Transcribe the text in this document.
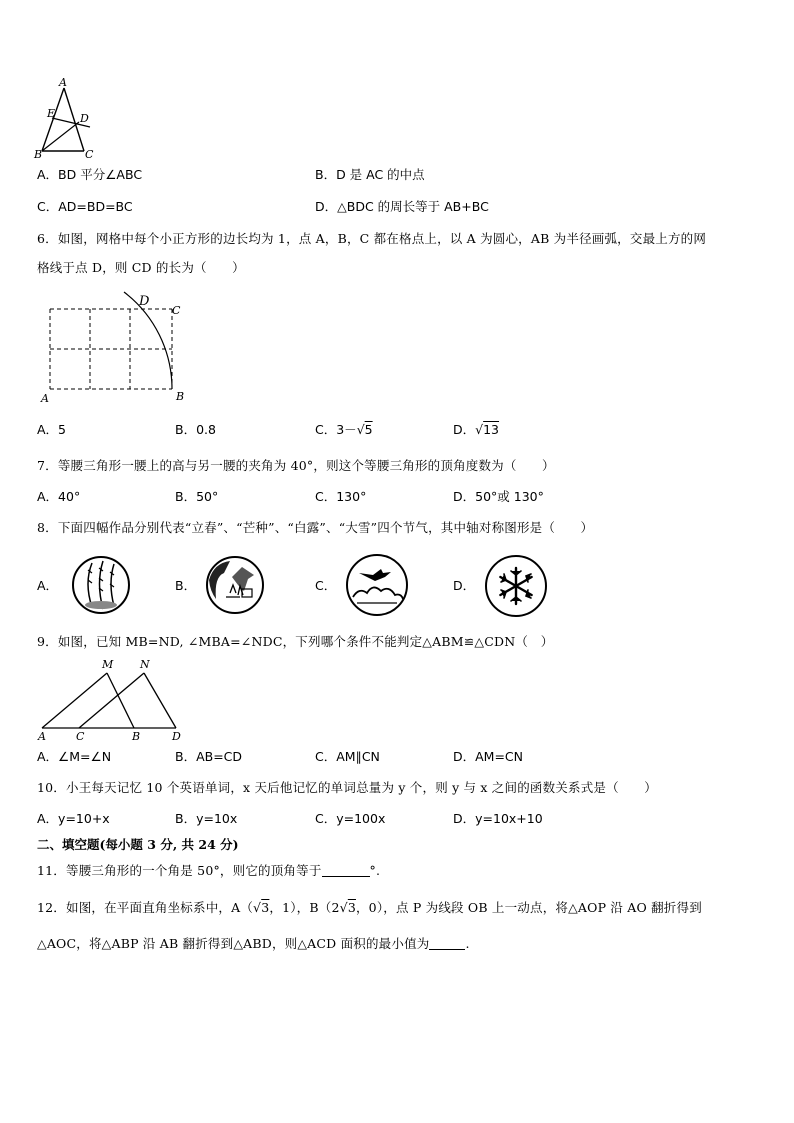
A
E D
B	C
A．BD 平分∠ABC	B．D 是 AC 的中点
C．AD=BD=BC	D．△BDC 的周长等于 AB+BC
6．如图，网格中每个小正方形的边长均为 1，点 A，B，C 都在格点上，以 A 为圆心，AB 为半径画弧，交最上方的网
格线于点 D，则 CD 的长为（　　）
D
C
A	B
A．5	B．0.8	C．3－√5	D．√13
7．等腰三角形一腰上的高与另一腰的夹角为 40°，则这个等腰三角形的顶角度数为（　　）
A．40°	B．50°	C．130°	D．50°或 130°
8．下面四幅作品分别代表“立春”、“芒种”、“白露”、“大雪”四个节气，其中轴对称图形是（　　）
A．	B．	C．	D．
9．如图，已知 MB=ND, ∠MBA=∠NDC，下列哪个条件不能判定△ABM≌△CDN（　）
M N
A	C	B	D
A．∠M=∠N	B．AB=CD	C．AM∥CN	D．AM=CN
10．小王每天记忆 10 个英语单词，x 天后他记忆的单词总量为 y 个，则 y 与 x 之间的函数关系式是（　　）
A．y=10+x	B．y=10x	C．y=100x	D．y=10x+10
二、填空题(每小题 3 分, 共 24 分)
11．等腰三角形的一个角是 50°，则它的顶角等于	°.
12．如图，在平面直角坐标系中，A（√3，1），B（2√3，0），点 P 为线段 OB 上一动点，将△AOP 沿 AO 翻折得到
△AOC，将△ABP 沿 AB 翻折得到△ABD，则△ACD 面积的最小值为	.
